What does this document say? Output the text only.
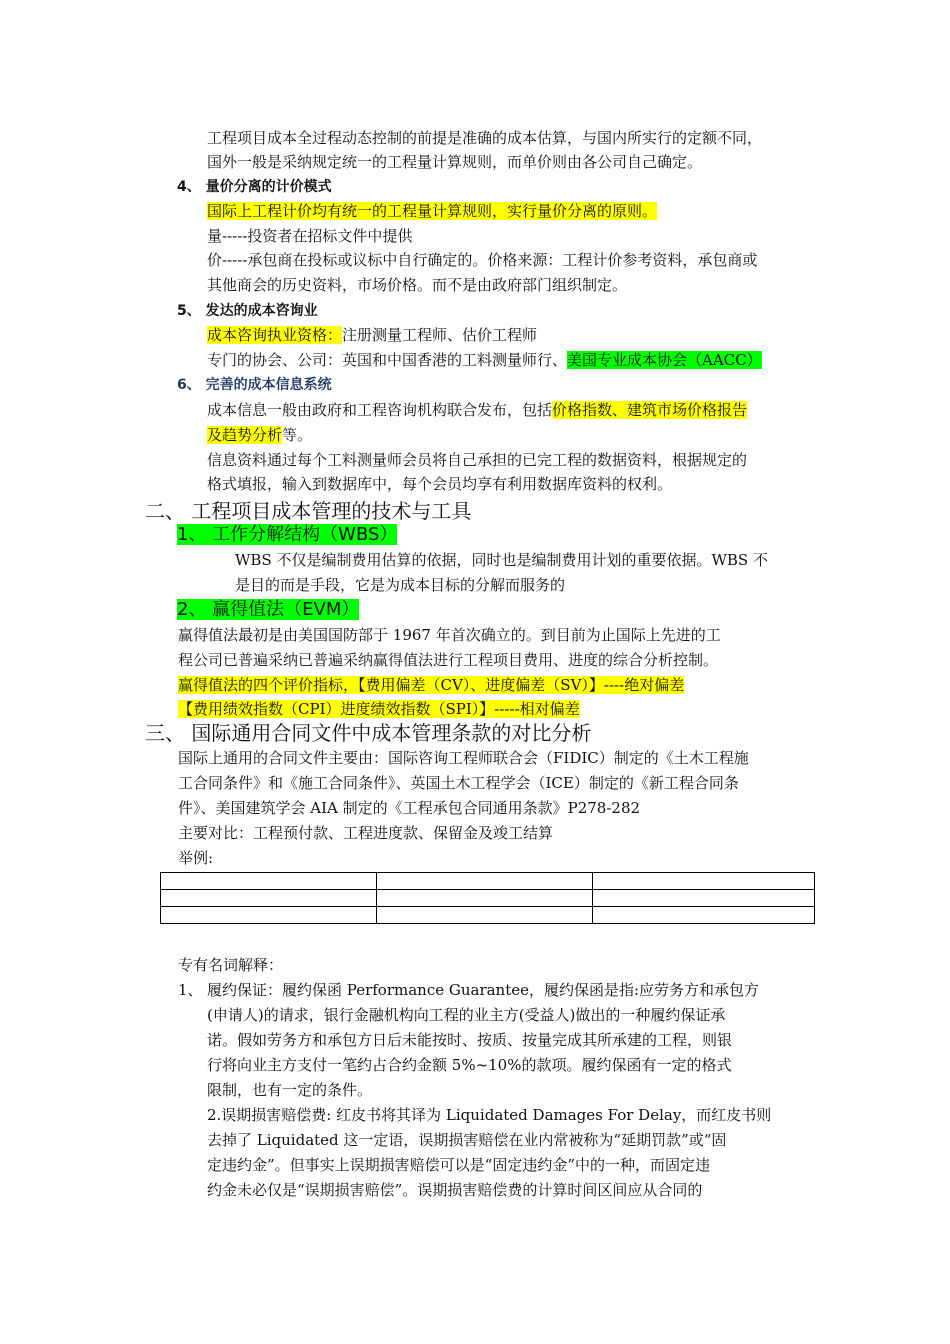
工程项目成本全过程动态控制的前提是准确的成本估算，与国内所实行的定额不同，
国外一般是采纳规定统一的工程量计算规则，而单价则由各公司自己确定。
4、 量价分离的计价模式
国际上工程计价均有统一的工程量计算规则，实行量价分离的原则。
量-----投资者在招标文件中提供
价-----承包商在投标或议标中自行确定的。价格来源：工程计价参考资料，承包商或
其他商会的历史资料，市场价格。而不是由政府部门组织制定。
5、 发达的成本咨询业
成本咨询执业资格：注册测量工程师、估价工程师
专门的协会、公司：英国和中国香港的工料测量师行、美国专业成本协会（AACC）
6、 完善的成本信息系统
成本信息一般由政府和工程咨询机构联合发布，包括价格指数、建筑市场价格报告
及趋势分析等。
信息资料通过每个工料测量师会员将自己承担的已完工程的数据资料，根据规定的
格式填报，输入到数据库中，每个会员均享有利用数据库资料的权利。
二、 工程项目成本管理的技术与工具
1、 工作分解结构（WBS）
WBS 不仅是编制费用估算的依据，同时也是编制费用计划的重要依据。WBS 不
是目的而是手段，它是为成本目标的分解而服务的
2、 赢得值法（EVM）
赢得值法最初是由美国国防部于 1967 年首次确立的。到目前为止国际上先进的工
程公司已普遍采纳已普遍采纳赢得值法进行工程项目费用、进度的综合分析控制。
赢得值法的四个评价指标，【费用偏差（CV）、进度偏差（SV）】----绝对偏差
【费用绩效指数（CPI）进度绩效指数（SPI）】-----相对偏差
三、 国际通用合同文件中成本管理条款的对比分析
国际上通用的合同文件主要由：国际咨询工程师联合会（FIDIC）制定的《土木工程施
工合同条件》和《施工合同条件》、英国土木工程学会（ICE）制定的《新工程合同条
件》、美国建筑学会 AIA 制定的《工程承包合同通用条款》P278-282
主要对比：工程预付款、工程进度款、保留金及竣工结算
举例:

专有名词解释：
1、 履约保证：履约保函 Performance Guarantee，履约保函是指:应劳务方和承包方
(申请人)的请求，银行金融机构向工程的业主方(受益人)做出的一种履约保证承
诺。假如劳务方和承包方日后未能按时、按质、按量完成其所承建的工程，则银
行将向业主方支付一笔约占合约金额 5%~10%的款项。履约保函有一定的格式
限制，也有一定的条件。
2.误期损害赔偿费: 红皮书将其译为 Liquidated Damages For Delay，而红皮书则
去掉了 Liquidated 这一定语，误期损害赔偿在业内常被称为“延期罚款”或“固
定违约金”。但事实上误期损害赔偿可以是“固定违约金”中的一种，而固定违
约金未必仅是“误期损害赔偿”。误期损害赔偿费的计算时间区间应从合同的
